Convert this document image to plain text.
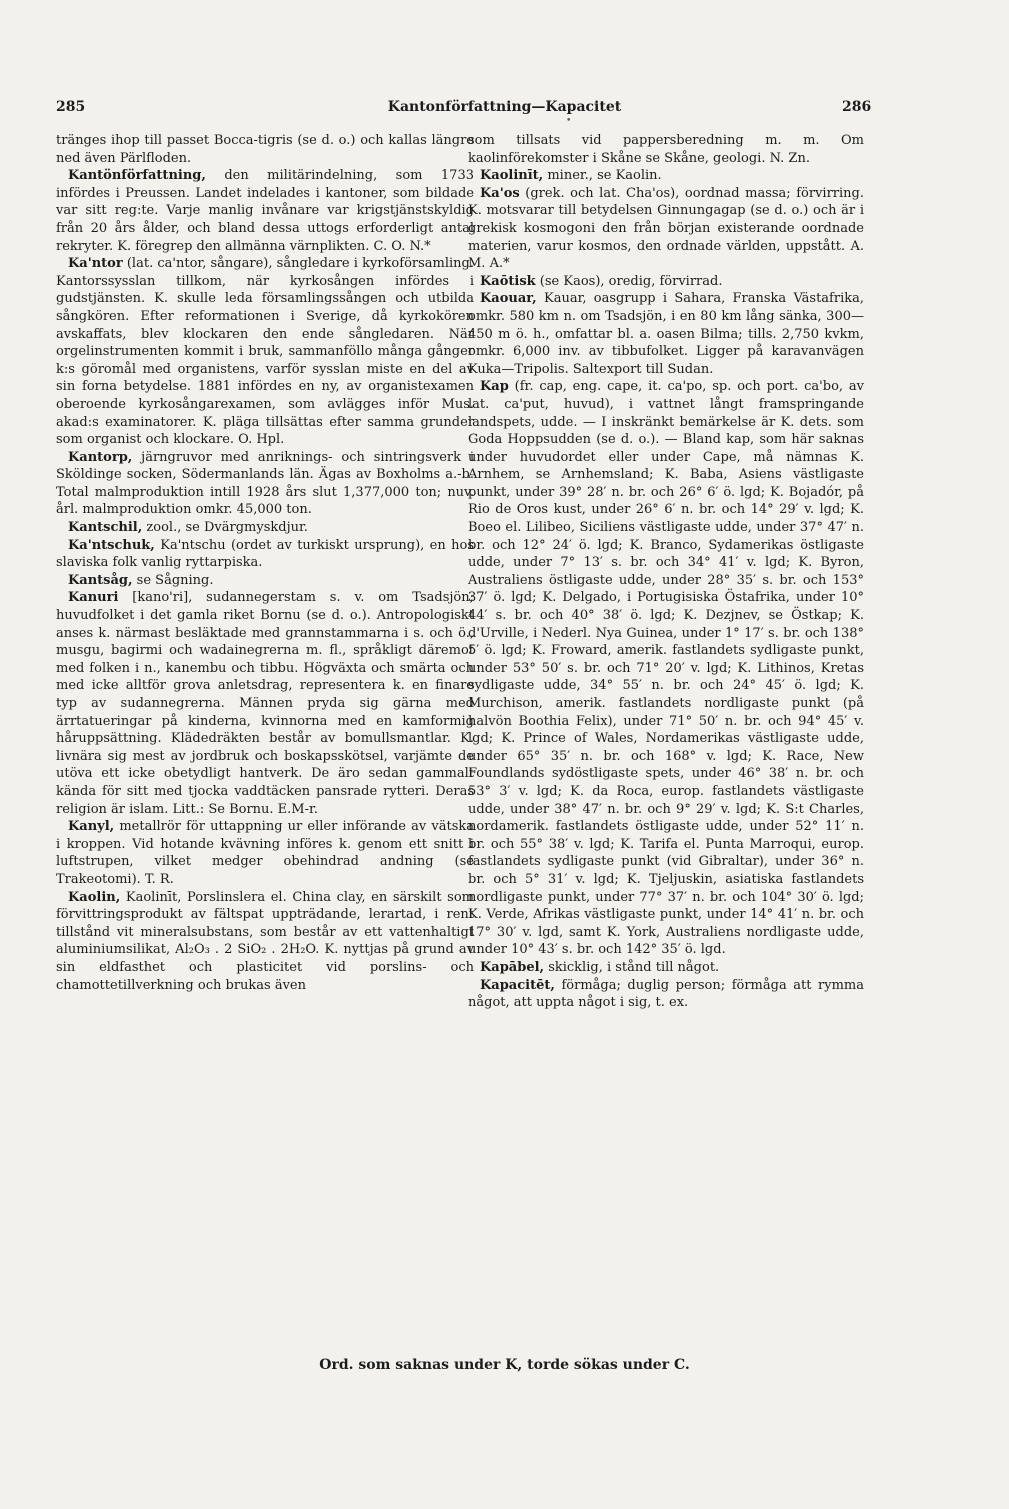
285	Kantonförfattning—Kapacitet	286
•

tränges ihop till passet Bocca-tigris (se d. o.) och kallas längre ned även Pärlfloden.

Kantönförfattning, den militärindelning, som 1733 infördes i Preussen. Landet indelades i kantoner, som bildade var sitt reg:te. Varje manlig invånare var krigstjänstskyldig från 20 års ålder, och bland dessa uttogs erforderligt antal rekryter. K. föregrep den allmänna värnplikten. C. O. N.*

Ka'ntor (lat. ca'ntor, sångare), sångledare i kyrkoförsamling. Kantorssysslan tillkom, när kyrkosången infördes i gudstjänsten. K. skulle leda församlingssången och utbilda sångkören. Efter reformationen i Sverige, då kyrkokören avskaffats, blev klockaren den ende sångledaren. När orgelinstrumenten kommit i bruk, sammanföllo många gånger k:s göromål med organistens, varför sysslan miste en del av sin forna betydelse. 1881 infördes en ny, av organistexamen oberoende kyrkosångarexamen, som avlägges inför Mus. akad:s examinatorer. K. pläga tillsättas efter samma grunder som organist och klockare. O. Hpl.

Kantorp, järngruvor med anriknings- och sintringsverk i Sköldinge socken, Södermanlands län. Ägas av Boxholms a.-b. Total malmproduktion intill 1928 års slut 1,377,000 ton; nuv. årl. malmproduktion omkr. 45,000 ton.

Kantschil, zool., se Dvärgmyskdjur.

Ka'ntschuk, Ka'ntschu (ordet av turkiskt ursprung), en hos slaviska folk vanlig ryttarpiska.

Kantsåg, se Sågning.

Kanuri [kano'ri], sudannegerstam s. v. om Tsadsjön; huvudfolket i det gamla riket Bornu (se d. o.). Antropologiskt anses k. närmast besläktade med grannstammarna i s. och ö., musgu, bagirmi och wadainegrerna m. fl., språkligt däremot med folken i n., kanembu och tibbu. Högväxta och smärta och med icke alltför grova anletsdrag, representera k. en finare typ av sudannegrerna. Männen pryda sig gärna med ärrtatueringar på kinderna, kvinnorna med en kamformig håruppsättning. Klädedräkten består av bomullsmantlar. K. livnära sig mest av jordbruk och boskapsskötsel, varjämte de utöva ett icke obetydligt hantverk. De äro sedan gammalt kända för sitt med tjocka vaddtäcken pansrade rytteri. Deras religion är islam. Litt.: Se Bornu. E.M-r.

Kanyl, metallrör för uttappning ur eller införande av vätska i kroppen. Vid hotande kvävning införes k. genom ett snitt i luftstrupen, vilket medger obehindrad andning (se Trakeotomi). T. R.

Kaolin, Kaolinīt, Porslinslera el. China clay, en särskilt som förvittringsprodukt av fältspat uppträdande, lerartad, i rent tillstånd vit mineralsubstans, som består av ett vattenhaltigt aluminiumsilikat, Al₂O₃ . 2 SiO₂ . 2H₂O. K. nyttjas på grund av sin eldfasthet och plasticitet vid porslins- och chamottetillverkning och brukas även

som tillsats vid pappersberedning m. m. Om kaolinförekomster i Skåne se Skåne, geologi. N. Zn.

Kaolinīt, miner., se Kaolin.

Ka'os (grek. och lat. Cha'os), oordnad massa; förvirring. K. motsvarar till betydelsen Ginnungagap (se d. o.) och är i grekisk kosmogoni den från början existerande oordnade materien, varur kosmos, den ordnade världen, uppstått. A. M. A.*

Kaōtisk (se Kaos), oredig, förvirrad.

Kaouar, Kauar, oasgrupp i Sahara, Franska Västafrika, omkr. 580 km n. om Tsadsjön, i en 80 km lång sänka, 300—450 m ö. h., omfattar bl. a. oasen Bilma; tills. 2,750 kvkm, omkr. 6,000 inv. av tibbufolket. Ligger på karavanvägen Kuka—Tripolis. Saltexport till Sudan.

Kap (fr. cap, eng. cape, it. ca'po, sp. och port. ca'bo, av lat. ca'put, huvud), i vattnet långt framspringande landspets, udde. — I inskränkt bemärkelse är K. dets. som Goda Hoppsudden (se d. o.). — Bland kap, som här saknas under huvudordet eller under Cape, må nämnas K. Arnhem, se Arnhemsland; K. Baba, Asiens västligaste punkt, under 39° 28′ n. br. och 26° 6′ ö. lgd; K. Bojadór, på Rio de Oros kust, under 26° 6′ n. br. och 14° 29′ v. lgd; K. Boeo el. Lilibeo, Siciliens västligaste udde, under 37° 47′ n. br. och 12° 24′ ö. lgd; K. Branco, Sydamerikas östligaste udde, under 7° 13′ s. br. och 34° 41′ v. lgd; K. Byron, Australiens östligaste udde, under 28° 35′ s. br. och 153° 37′ ö. lgd; K. Delgado, i Portugisiska Östafrika, under 10° 44′ s. br. och 40° 38′ ö. lgd; K. Dezjnev, se Östkap; K. d'Urville, i Nederl. Nya Guinea, under 1° 17′ s. br. och 138° 5′ ö. lgd; K. Froward, amerik. fastlandets sydligaste punkt, under 53° 50′ s. br. och 71° 20′ v. lgd; K. Lithinos, Kretas sydligaste udde, 34° 55′ n. br. och 24° 45′ ö. lgd; K. Murchison, amerik. fastlandets nordligaste punkt (på halvön Boothia Felix), under 71° 50′ n. br. och 94° 45′ v. lgd; K. Prince of Wales, Nordamerikas västligaste udde, under 65° 35′ n. br. och 168° v. lgd; K. Race, New Foundlands sydöstligaste spets, under 46° 38′ n. br. och 53° 3′ v. lgd; K. da Roca, europ. fastlandets västligaste udde, under 38° 47′ n. br. och 9° 29′ v. lgd; K. S:t Charles, nordamerik. fastlandets östligaste udde, under 52° 11′ n. br. och 55° 38′ v. lgd; K. Tarifa el. Punta Marroqui, europ. fastlandets sydligaste punkt (vid Gibraltar), under 36° n. br. och 5° 31′ v. lgd; K. Tjeljuskin, asiatiska fastlandets nordligaste punkt, under 77° 37′ n. br. och 104° 30′ ö. lgd; K. Verde, Afrikas västligaste punkt, under 14° 41′ n. br. och 17° 30′ v. lgd, samt K. York, Australiens nordligaste udde, under 10° 43′ s. br. och 142° 35′ ö. lgd.

Kapābel, skicklig, i stånd till något.

Kapacitēt, förmåga; duglig person; förmåga att rymma något, att uppta något i sig, t. ex.

Ord. som saknas under K, torde sökas under C.
